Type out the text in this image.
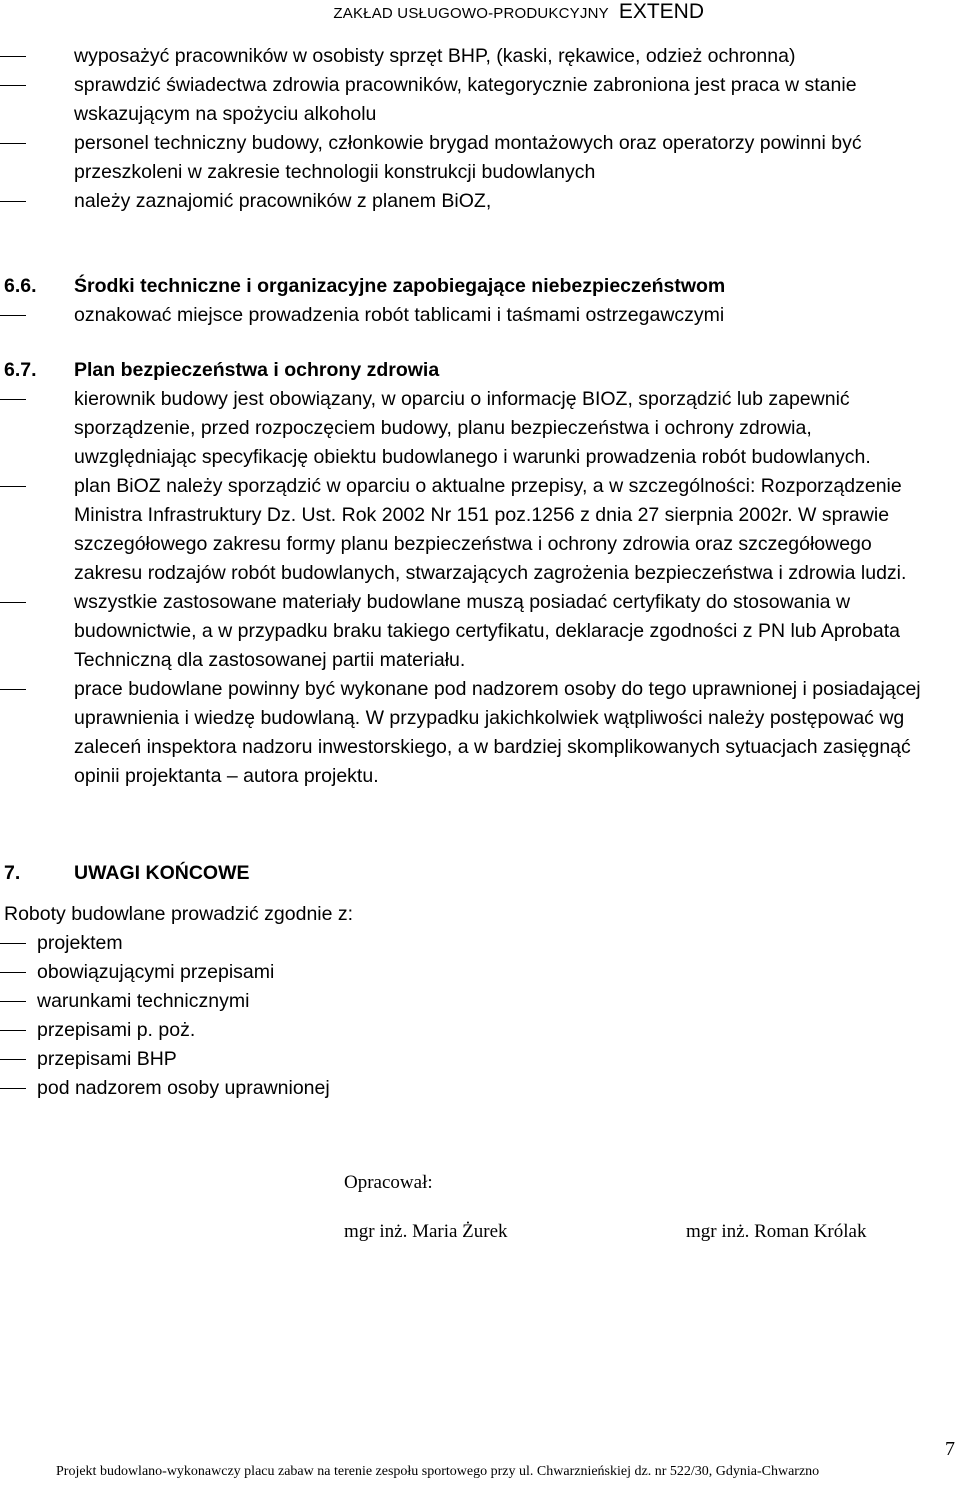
ZAKŁAD USŁUGOWO-PRODUKCYJNY EXTEND
wyposażyć pracowników w osobisty sprzęt BHP, (kaski, rękawice, odzież ochronna)
sprawdzić świadectwa zdrowia pracowników, kategorycznie zabroniona jest praca w stanie wskazującym na spożyciu alkoholu
personel techniczny budowy, członkowie brygad montażowych oraz operatorzy powinni być przeszkoleni w zakresie technologii konstrukcji budowlanych
należy zaznajomić pracowników z planem BiOZ,
6.6. Środki techniczne i organizacyjne zapobiegające niebezpieczeństwom
oznakować miejsce prowadzenia robót tablicami i taśmami ostrzegawczymi
6.7. Plan bezpieczeństwa i ochrony zdrowia
kierownik budowy jest obowiązany, w oparciu o informację BIOZ, sporządzić lub zapewnić sporządzenie, przed rozpoczęciem budowy, planu bezpieczeństwa i ochrony zdrowia, uwzględniając specyfikację obiektu budowlanego i warunki prowadzenia robót budowlanych.
plan BiOZ należy sporządzić w oparciu o aktualne przepisy, a w szczególności: Rozporządzenie Ministra Infrastruktury Dz. Ust. Rok 2002 Nr 151 poz.1256 z dnia 27 sierpnia 2002r. W sprawie szczegółowego zakresu formy planu bezpieczeństwa i ochrony zdrowia oraz szczegółowego zakresu rodzajów robót budowlanych, stwarzających zagrożenia bezpieczeństwa i zdrowia ludzi.
wszystkie zastosowane materiały budowlane muszą posiadać certyfikaty do stosowania w budownictwie, a w przypadku braku takiego certyfikatu, deklaracje zgodności z PN lub Aprobata Techniczną dla zastosowanej partii materiału.
prace budowlane powinny być wykonane pod nadzorem osoby do tego uprawnionej i posiadającej uprawnienia i wiedzę budowlaną. W przypadku jakichkolwiek wątpliwości należy postępować wg zaleceń inspektora nadzoru inwestorskiego, a w bardziej skomplikowanych sytuacjach zasięgnąć opinii projektanta – autora projektu.
7.	UWAGI KOŃCOWE
Roboty budowlane prowadzić zgodnie z:
projektem
obowiązującymi przepisami
warunkami technicznymi
przepisami p. poż.
przepisami BHP
pod nadzorem osoby uprawnionej
Opracował:
mgr inż. Maria Żurek	mgr inż. Roman Królak
7
Projekt budowlano-wykonawczy placu zabaw na terenie zespołu sportowego przy ul. Chwarznieńskiej dz. nr 522/30, Gdynia-Chwarzno
